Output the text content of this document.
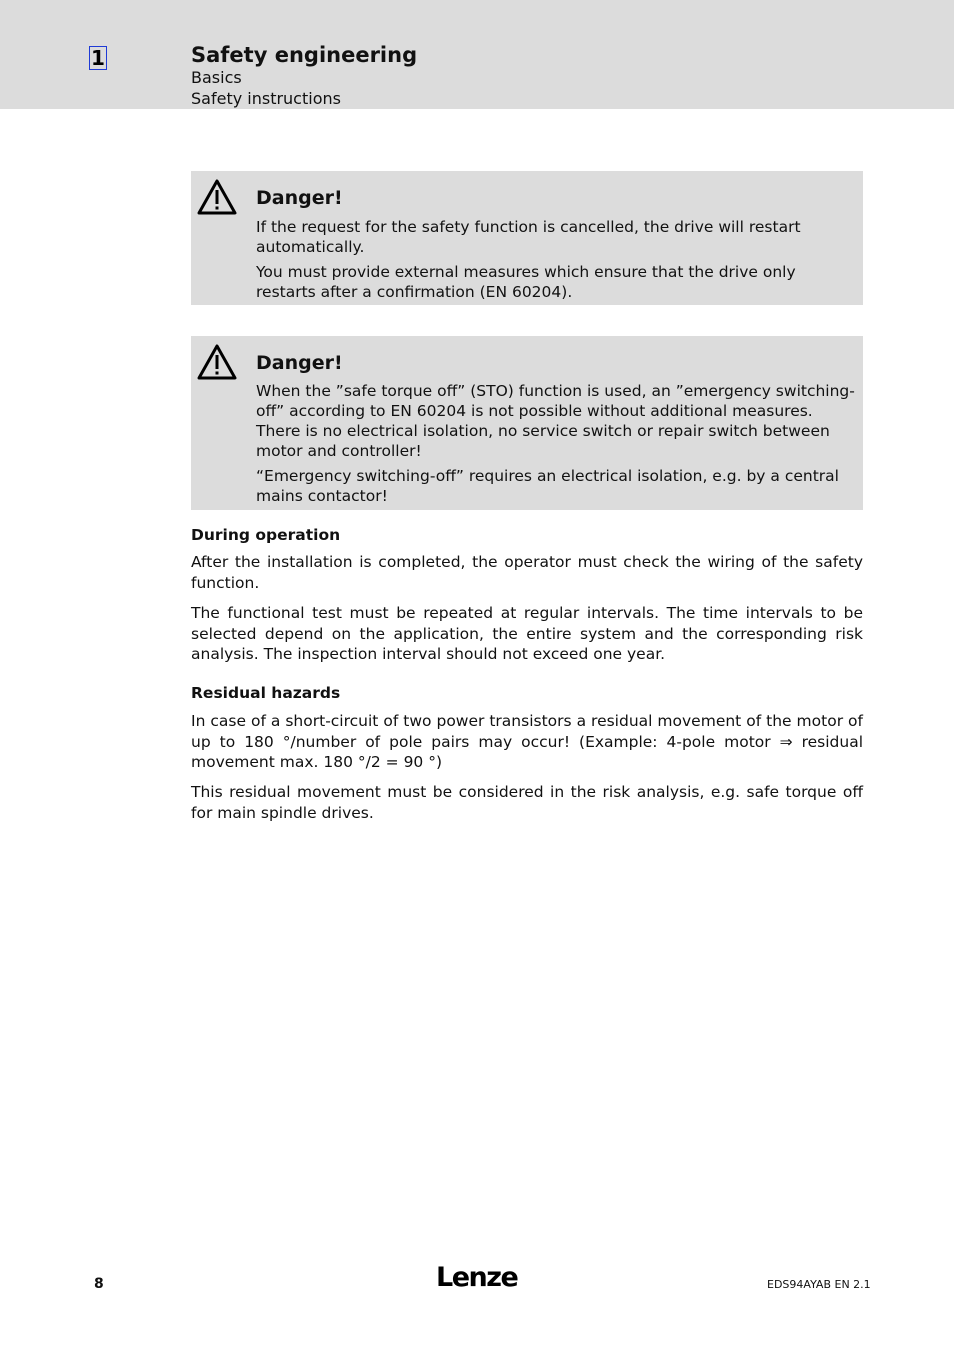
1	Safety engineering
Basics
Safety instructions
Danger!
If the request for the safety function is cancelled, the drive will restart automatically.
You must provide external measures which ensure that the drive only restarts after a confirmation (EN 60204).
Danger!
When the ”safe torque off” (STO) function is used, an ”emergency switching-off” according to EN 60204 is not possible without additional measures. There is no electrical isolation, no service switch or repair switch between motor and controller!
“Emergency switching-off” requires an electrical isolation, e.g. by a central mains contactor!
During operation
After the installation is completed, the operator must check the wiring of the safety function.
The functional test must be repeated at regular intervals. The time intervals to be selected depend on the application, the entire system and the corresponding risk analysis. The inspection interval should not exceed one year.
Residual hazards
In case of a short-circuit of two power transistors a residual movement of the motor of up to 180 °/number of pole pairs may occur! (Example: 4-pole motor ⇒ residual movement max. 180 °/2 = 90 °)
This residual movement must be considered in the risk analysis, e.g. safe torque off for main spindle drives.
8	Lenze	EDS94AYAB EN 2.1
